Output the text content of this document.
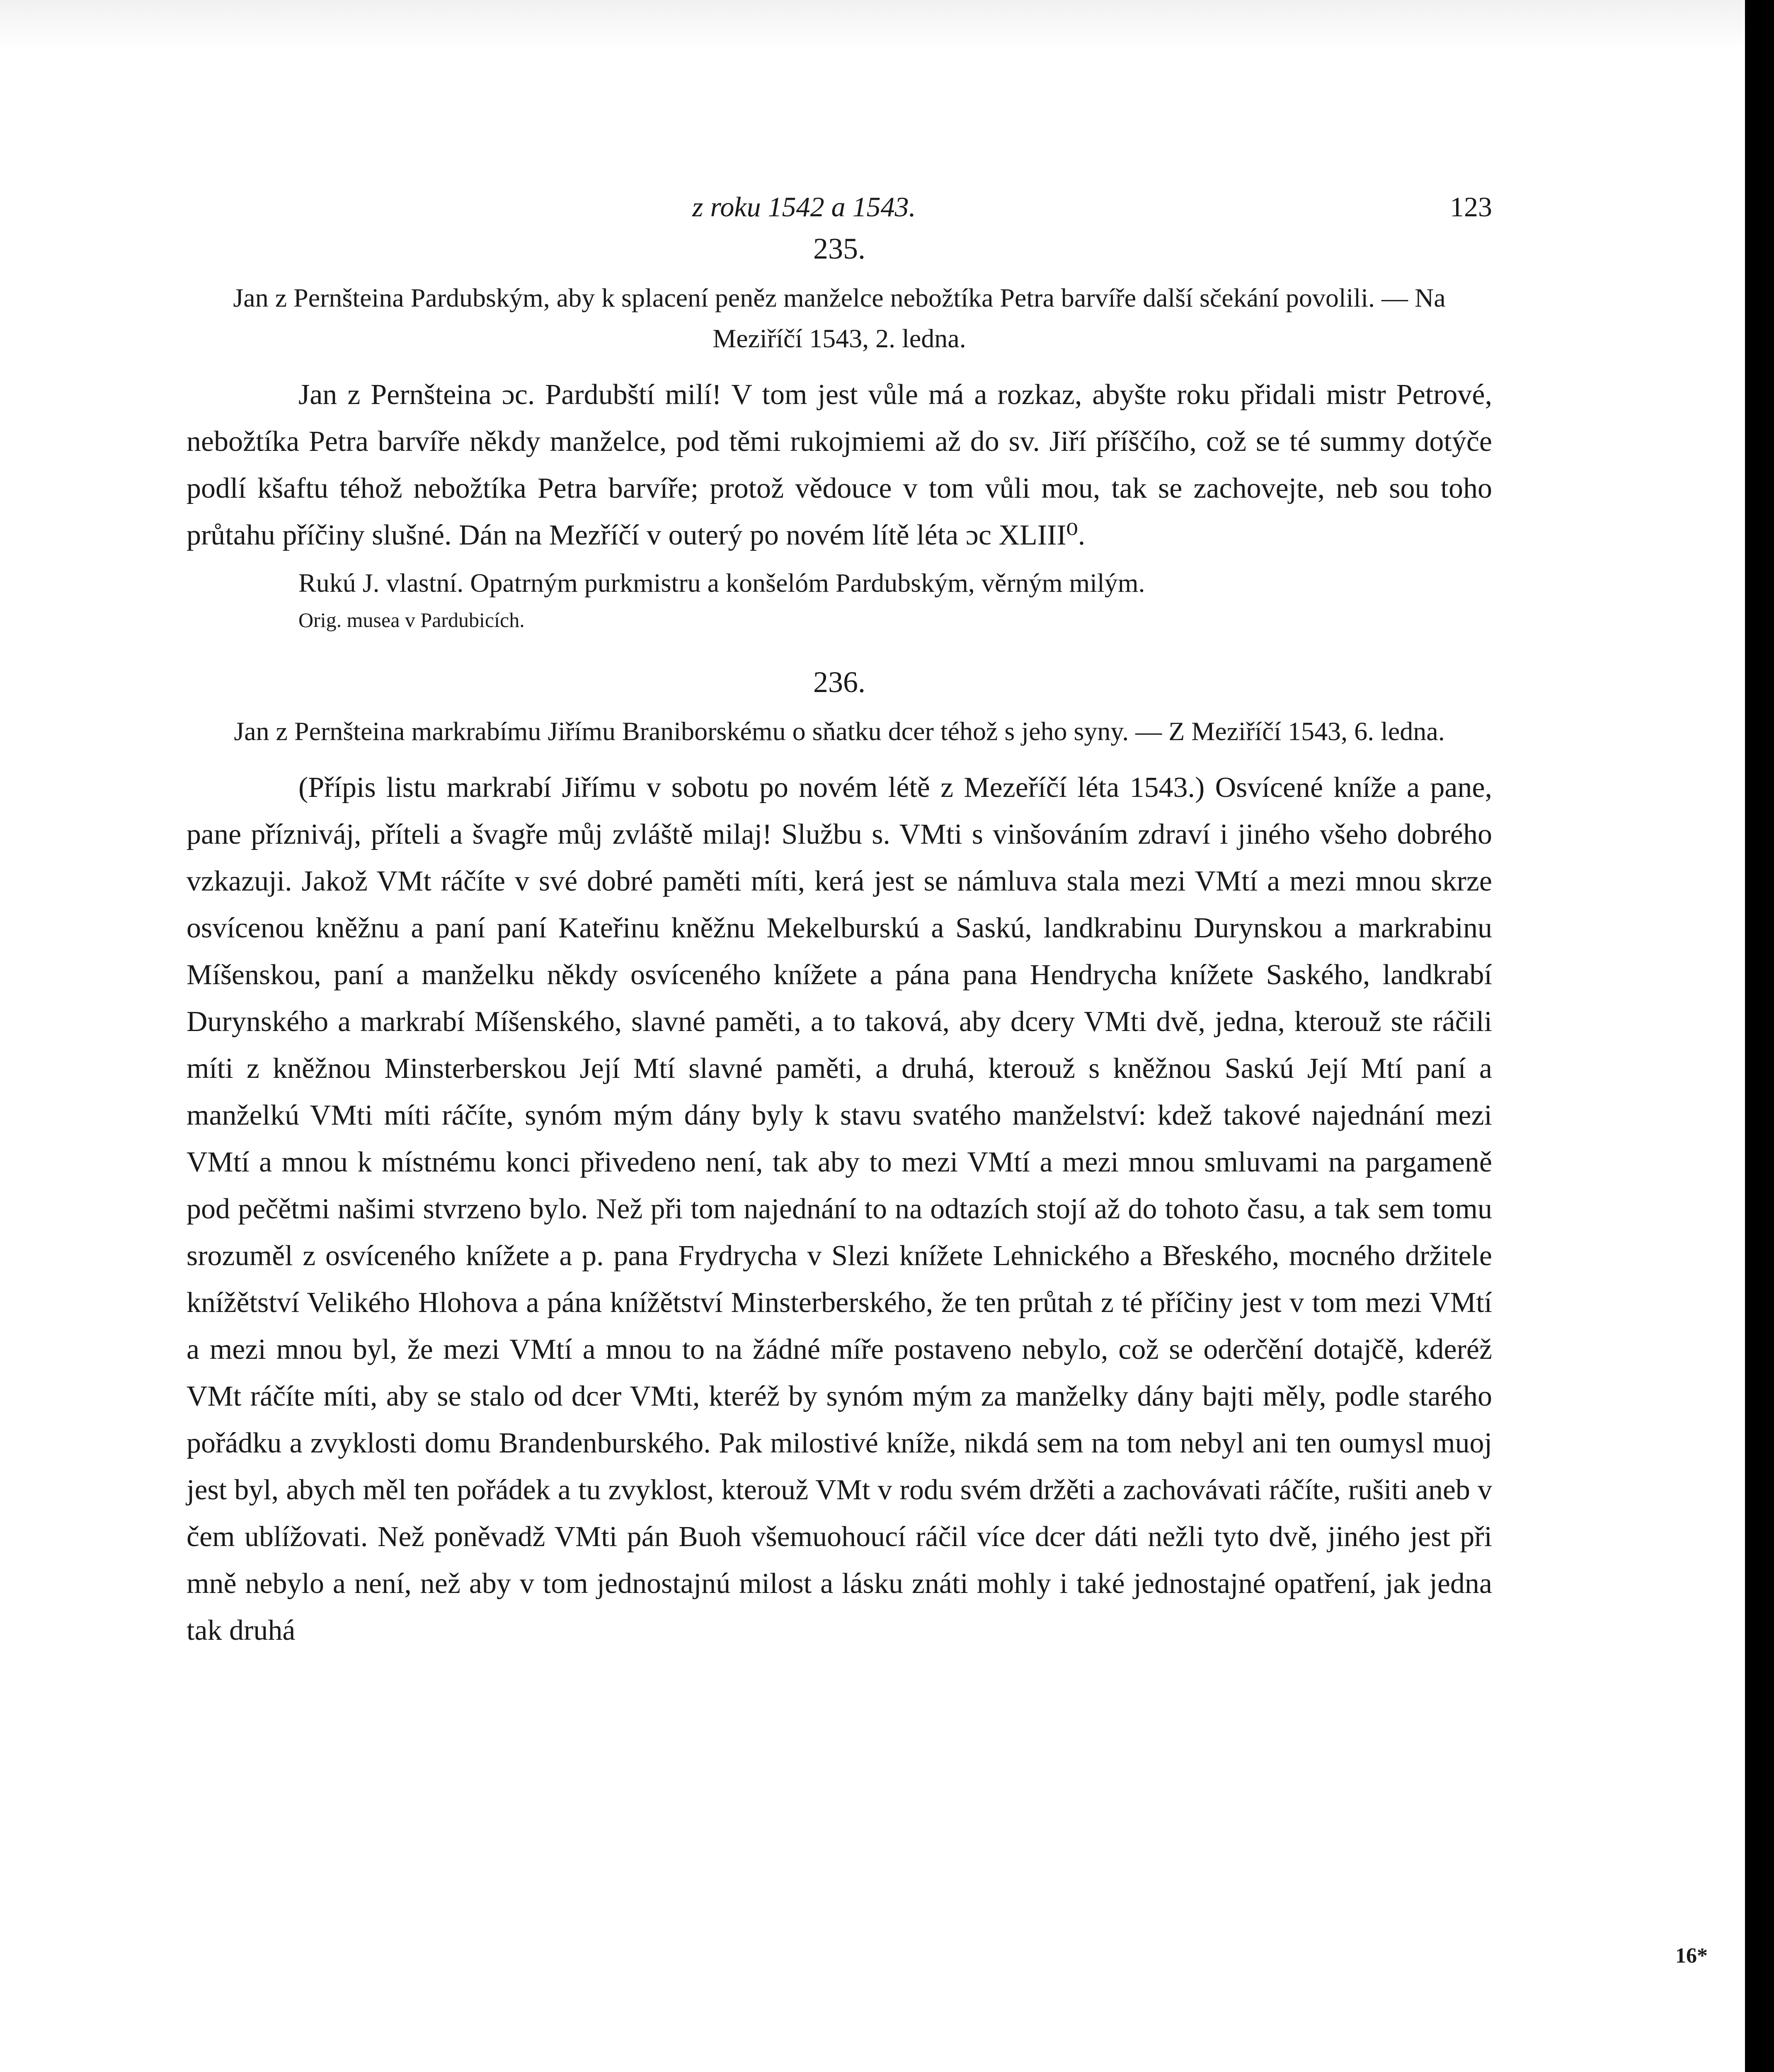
z roku 1542 a 1543.	123
235.
Jan z Pernšteina Pardubským, aby k splacení peněz manželce nebožtíka Petra barvíře další sčekání povolili. — Na Meziříčí 1543, 2. ledna.

Jan z Pernšteina ɔc. Pardubští milí! V tom jest vůle má a rozkaz, abyšte roku přidali mistr Petrové, nebožtíka Petra barvíře někdy manželce, pod těmi rukojmiemi až do sv. Jiří příščího, což se té summy dotýče podlí kšaftu téhož nebožtíka Petra barvíře; protož vědouce v tom vůli mou, tak se zachovejte, neb sou toho průtahu příčiny slušné. Dán na Mezříčí v outerý po novém lítě léta ɔc XLIII⁰.

Rukú J. vlastní. Opatrným purkmistru a konšelóm Pardubským, věrným milým.

Orig. musea v Pardubicích.

236.
Jan z Pernšteina markrabímu Jiřímu Braniborskému o sňatku dcer téhož s jeho syny. — Z Meziříčí 1543, 6. ledna.

(Přípis listu markrabí Jiřímu v sobotu po novém létě z Mezeříčí léta 1543.) Osvícené kníže a pane, pane přízniváj, příteli a švagře můj zvláště milaj! Službu s. VMti s vinšováním zdraví i jiného všeho dobrého vzkazuji. Jakož VMt ráčíte v své dobré paměti míti, kerá jest se námluva stala mezi VMtí a mezi mnou skrze osvícenou kněžnu a paní paní Kateřinu kněžnu Mekelburskú a Saskú, landkrabinu Durynskou a markrabinu Míšenskou, paní a manželku někdy osvíceného knížete a pána pana Hendrycha knížete Saského, landkrabí Durynského a markrabí Míšenského, slavné paměti, a to taková, aby dcery VMti dvě, jedna, kterouž ste ráčili míti z kněžnou Minsterberskou Její Mtí slavné paměti, a druhá, kterouž s kněžnou Saskú Její Mtí paní a manželkú VMti míti ráčíte, synóm mým dány byly k stavu svatého manželství: kdež takové najednání mezi VMtí a mnou k místnému konci přivedeno není, tak aby to mezi VMtí a mezi mnou smluvami na pargameně pod pečětmi našimi stvrzeno bylo. Než při tom najednání to na odtazích stojí až do tohoto času, a tak sem tomu srozuměl z osvíceného knížete a p. pana Frydrycha v Slezi knížete Lehnického a Břeského, mocného držitele knížětství Velikého Hlohova a pána knížětství Minsterberského, že ten průtah z té příčiny jest v tom mezi VMtí a mezi mnou byl, že mezi VMtí a mnou to na žádné míře postaveno nebylo, což se oderčění dotajčě, kderéž VMt ráčíte míti, aby se stalo od dcer VMti, kteréž by synóm mým za manželky dány bajti měly, podle starého pořádku a zvyklosti domu Brandenburského. Pak milostivé kníže, nikdá sem na tom nebyl ani ten oumysl muoj jest byl, abych měl ten pořádek a tu zvyklost, kterouž VMt v rodu svém držěti a zachovávati ráčíte, rušiti aneb v čem ublížovati. Než poněvadž VMti pán Buoh všemuohoucí ráčil více dcer dáti nežli tyto dvě, jiného jest při mně nebylo a není, než aby v tom jednostajnú milost a lásku znáti mohly i také jednostajné opatření, jak jedna tak druhá

16*
